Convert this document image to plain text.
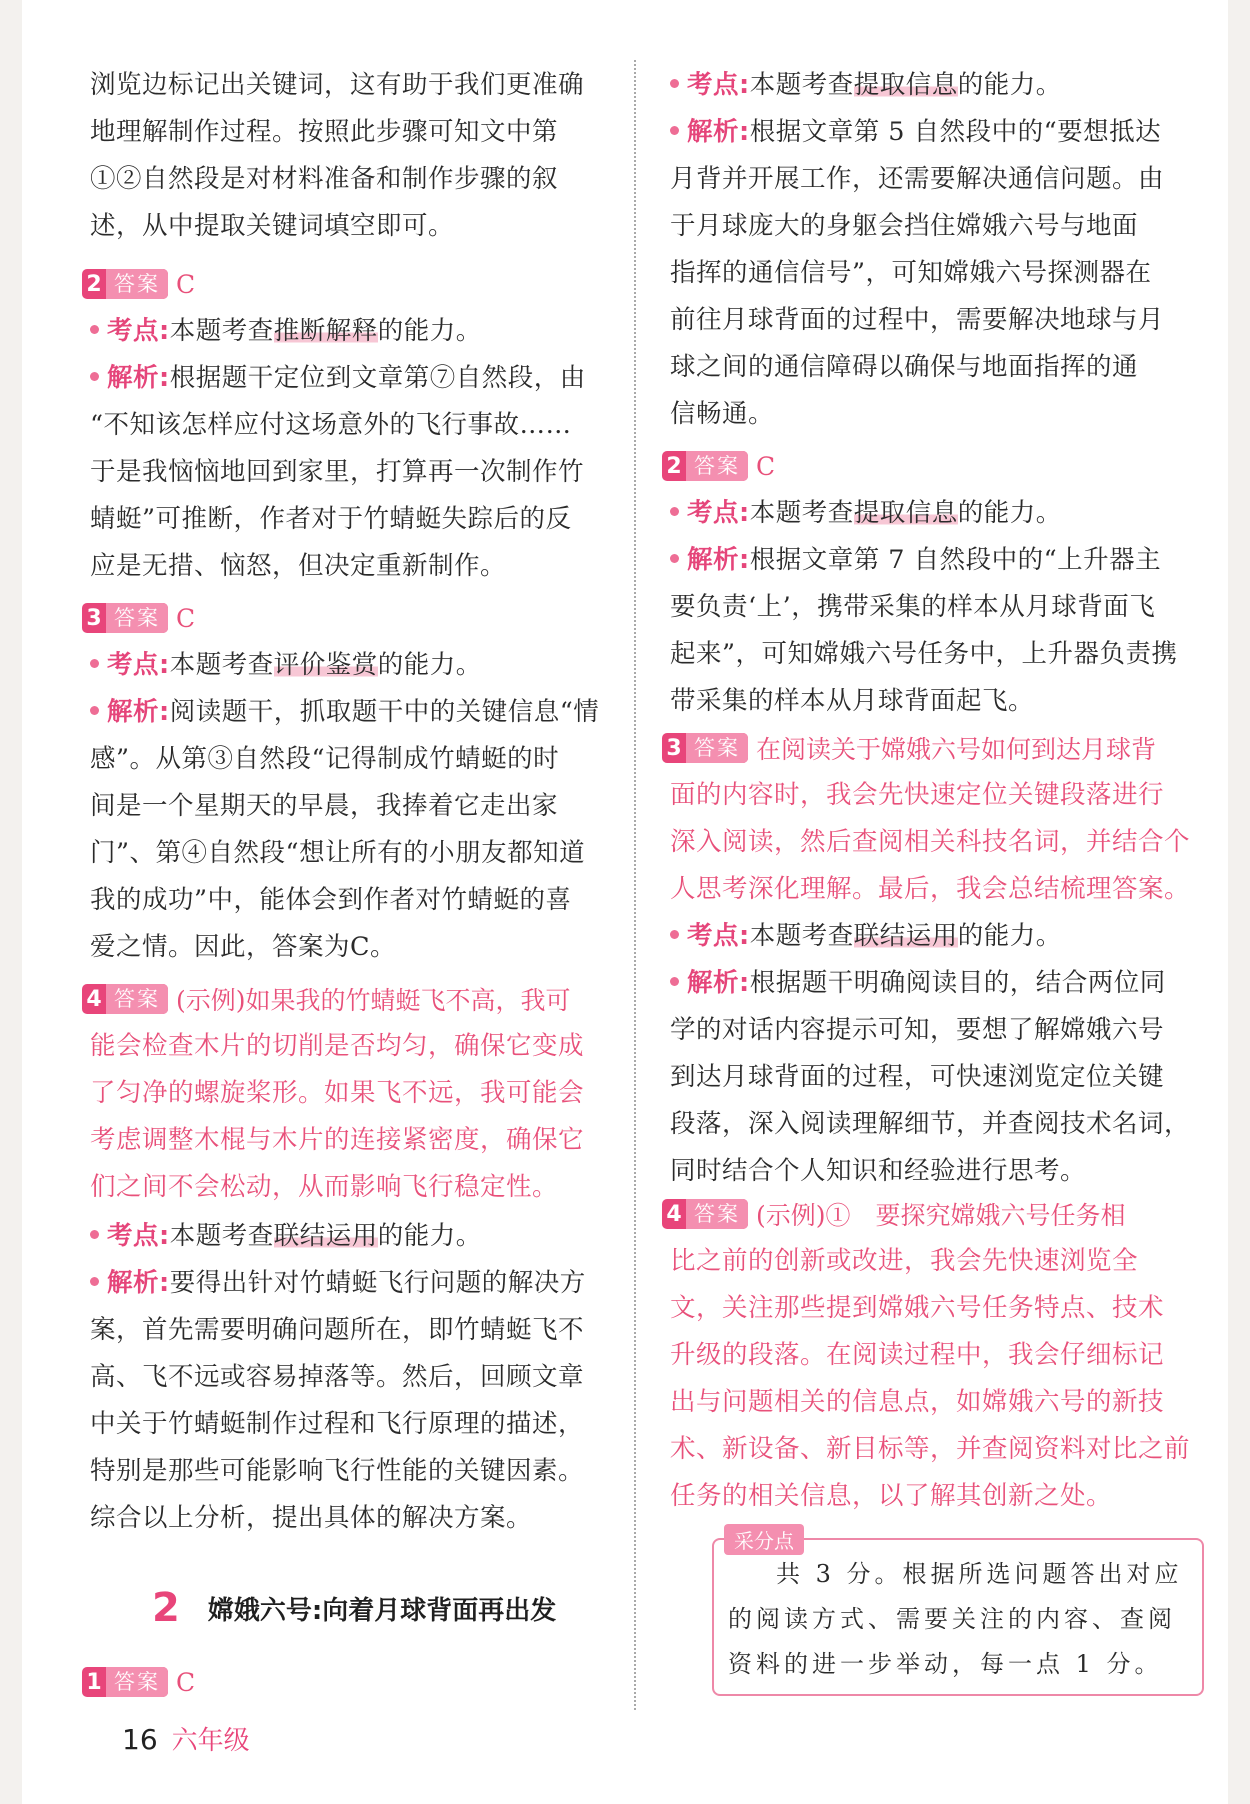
浏览边标记出关键词，这有助于我们更准确
地理解制作过程。按照此步骤可知文中第
①②自然段是对材料准备和制作步骤的叙
述，从中提取关键词填空即可。
2 答案 C
考点:本题考查推断解释的能力。
解析:根据题干定位到文章第⑦自然段，由
“不知该怎样应付这场意外的飞行事故……
于是我恼恼地回到家里，打算再一次制作竹
蜻蜓”可推断，作者对于竹蜻蜓失踪后的反
应是无措、恼怒，但决定重新制作。
3 答案 C
考点:本题考查评价鉴赏的能力。
解析:阅读题干，抓取题干中的关键信息“情
感”。从第③自然段“记得制成竹蜻蜓的时
间是一个星期天的早晨，我捧着它走出家
门”、第④自然段“想让所有的小朋友都知道
我的成功”中，能体会到作者对竹蜻蜓的喜
爱之情。因此，答案为C。
4 答案 (示例)如果我的竹蜻蜓飞不高，我可
能会检查木片的切削是否均匀，确保它变成
了匀净的螺旋桨形。如果飞不远，我可能会
考虑调整木棍与木片的连接紧密度，确保它
们之间不会松动，从而影响飞行稳定性。
考点:本题考查联结运用的能力。
解析:要得出针对竹蜻蜓飞行问题的解决方
案，首先需要明确问题所在，即竹蜻蜓飞不
高、飞不远或容易掉落等。然后，回顾文章
中关于竹蜻蜓制作过程和飞行原理的描述，
特别是那些可能影响飞行性能的关键因素。
综合以上分析，提出具体的解决方案。
1 答案 C
2 嫦娥六号:向着月球背面再出发
考点:本题考查提取信息的能力。
解析:根据文章第 5 自然段中的“要想抵达
月背并开展工作，还需要解决通信问题。由
于月球庞大的身躯会挡住嫦娥六号与地面
指挥的通信信号”，可知嫦娥六号探测器在
前往月球背面的过程中，需要解决地球与月
球之间的通信障碍以确保与地面指挥的通
信畅通。
2 答案 C
考点:本题考查提取信息的能力。
解析:根据文章第 7 自然段中的“上升器主
要负责‘上’，携带采集的样本从月球背面飞
起来”，可知嫦娥六号任务中，上升器负责携
带采集的样本从月球背面起飞。
3 答案 在阅读关于嫦娥六号如何到达月球背
面的内容时，我会先快速定位关键段落进行
深入阅读，然后查阅相关科技名词，并结合个
人思考深化理解。最后，我会总结梳理答案。
考点:本题考查联结运用的能力。
解析:根据题干明确阅读目的，结合两位同
学的对话内容提示可知，要想了解嫦娥六号
到达月球背面的过程，可快速浏览定位关键
段落，深入阅读理解细节，并查阅技术名词，
同时结合个人知识和经验进行思考。
4 答案 (示例)①　要探究嫦娥六号任务相
比之前的创新或改进，我会先快速浏览全
文，关注那些提到嫦娥六号任务特点、技术
升级的段落。在阅读过程中，我会仔细标记
出与问题相关的信息点，如嫦娥六号的新技
术、新设备、新目标等，并查阅资料对比之前
任务的相关信息，以了解其创新之处。
采分点
共 3 分。根据所选问题答出对应的阅读方式、需要关注的内容、查阅资料的进一步举动，每一点 1 分。
16 六年级
